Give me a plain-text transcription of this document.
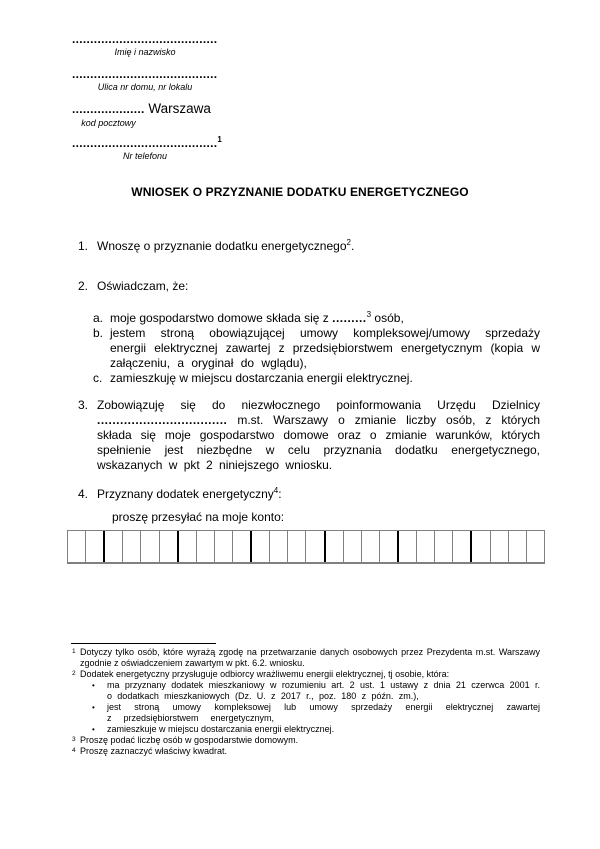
........................................
Imię i nazwisko
........................................
Ulica nr domu, nr lokalu
.................... Warszawa
kod pocztowy
........................................$^1$
Nr telefonu
WNIOSEK O PRZYZNANIE DODATKU ENERGETYCZNEGO
1. Wnoszę o przyznanie dodatku energetycznego$^2$.
2. Oświadczam, że:
a. moje gospodarstwo domowe składa się z .........$^3$ osób,
b. jestem stroną obowiązującej umowy kompleksowej/umowy sprzedaży energii elektrycznej zawartej z przedsiębiorstwem energetycznym (kopia w załączeniu, a oryginał do wglądu),
c. zamieszkuję w miejscu dostarczania energii elektrycznej.
3. Zobowiązuję się do niezwłocznego poinformowania Urzędu Dzielnicy .................................. m.st. Warszawy o zmianie liczby osób, z których składa się moje gospodarstwo domowe oraz o zmianie warunków, których spełnienie jest niezbędne w celu przyznania dodatku energetycznego, wskazanych w pkt 2 niniejszego wniosku.
4. Przyznany dodatek energetyczny$^4$:
proszę przesyłać na moje konto:
1 Dotyczy tylko osób, które wyrażą zgodę na przetwarzanie danych osobowych przez Prezydenta m.st. Warszawy zgodnie z oświadczeniem zawartym w pkt. 6.2. wniosku.
2 Dodatek energetyczny przysługuje odbiorcy wrażliwemu energii elektrycznej, tj osobie, która:
•	ma przyznany dodatek mieszkaniowy w rozumieniu art. 2 ust. 1 ustawy z dnia 21 czerwca 2001 r. o dodatkach mieszkaniowych (Dz. U. z 2017 r., poz. 180 z późn. zm.),
•	jest stroną umowy kompleksowej lub umowy sprzedaży energii elektrycznej zawartej z przedsiębiorstwem energetycznym,
•	zamieszkuje w miejscu dostarczania energii elektrycznej.
3 Proszę podać liczbę osób w gospodarstwie domowym.
4 Proszę zaznaczyć właściwy kwadrat.
